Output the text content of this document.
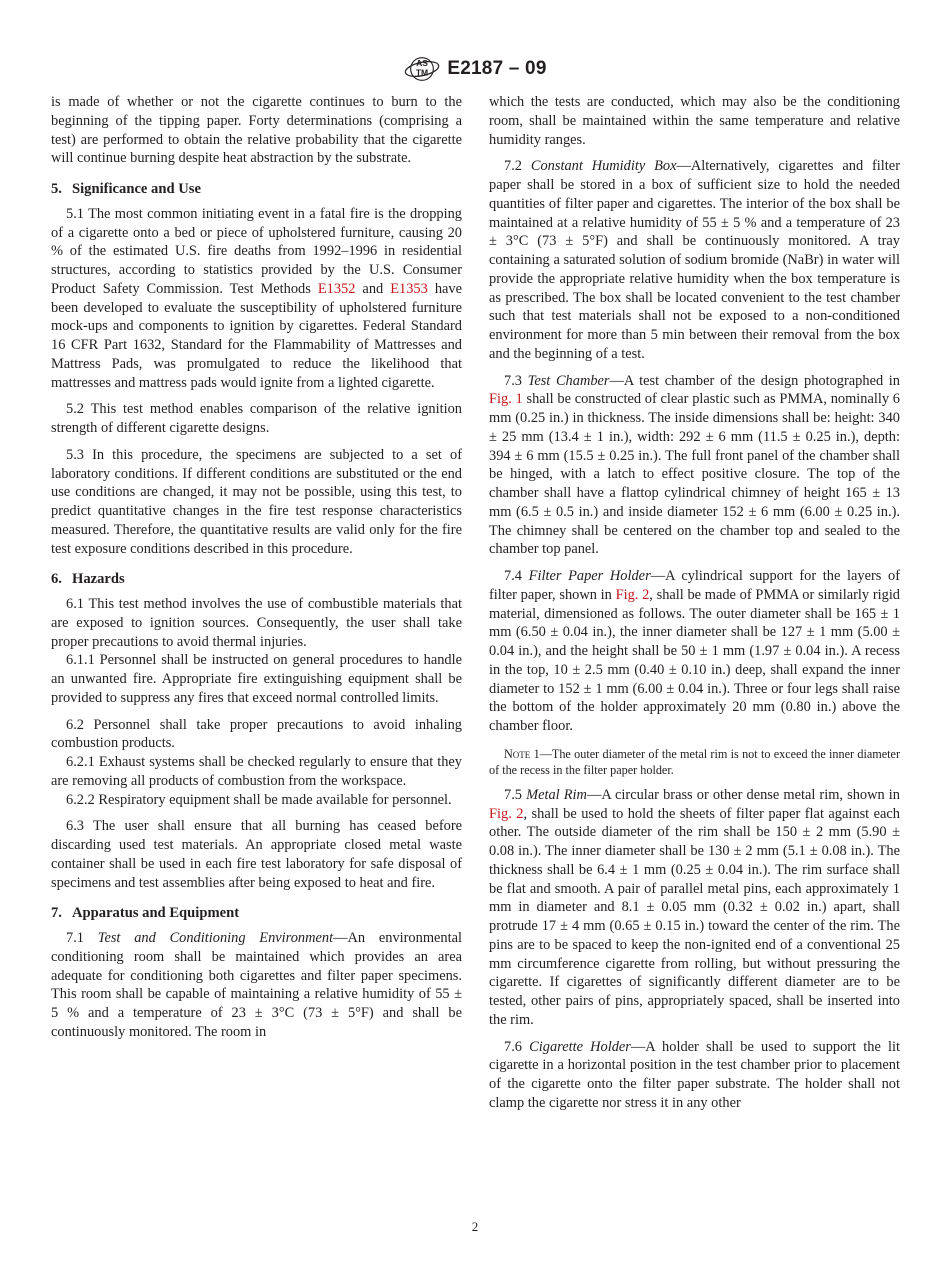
AS
TM E2187 – 09

is made of whether or not the cigarette continues to burn to the beginning of the tipping paper. Forty determinations (comprising a test) are performed to obtain the relative probability that the cigarette will continue burning despite heat abstraction by the substrate.

5. Significance and Use

5.1 The most common initiating event in a fatal fire is the dropping of a cigarette onto a bed or piece of upholstered furniture, causing 20 % of the estimated U.S. fire deaths from 1992–1996 in residential structures, according to statistics provided by the U.S. Consumer Product Safety Commission. Test Methods E1352 and E1353 have been developed to evaluate the susceptibility of upholstered furniture mock-ups and components to ignition by cigarettes. Federal Standard 16 CFR Part 1632, Standard for the Flammability of Mattresses and Mattress Pads, was promulgated to reduce the likelihood that mattresses and mattress pads would ignite from a lighted cigarette.

5.2 This test method enables comparison of the relative ignition strength of different cigarette designs.

5.3 In this procedure, the specimens are subjected to a set of laboratory conditions. If different conditions are substituted or the end use conditions are changed, it may not be possible, using this test, to predict quantitative changes in the fire test response characteristics measured. Therefore, the quantitative results are valid only for the fire test exposure conditions described in this procedure.

6. Hazards

6.1 This test method involves the use of combustible materials that are exposed to ignition sources. Consequently, the user shall take proper precautions to avoid thermal injuries.

6.1.1 Personnel shall be instructed on general procedures to handle an unwanted fire. Appropriate fire extinguishing equipment shall be provided to suppress any fires that exceed normal controlled limits.

6.2 Personnel shall take proper precautions to avoid inhaling combustion products.

6.2.1 Exhaust systems shall be checked regularly to ensure that they are removing all products of combustion from the workspace.

6.2.2 Respiratory equipment shall be made available for personnel.

6.3 The user shall ensure that all burning has ceased before discarding used test materials. An appropriate closed metal waste container shall be used in each fire test laboratory for safe disposal of specimens and test assemblies after being exposed to heat and fire.

7. Apparatus and Equipment

7.1 Test and Conditioning Environment—An environmental conditioning room shall be maintained which provides an area adequate for conditioning both cigarettes and filter paper specimens. This room shall be capable of maintaining a relative humidity of 55 ± 5 % and a temperature of 23 ± 3°C (73 ± 5°F) and shall be continuously monitored. The room in

which the tests are conducted, which may also be the conditioning room, shall be maintained within the same temperature and relative humidity ranges.

7.2 Constant Humidity Box—Alternatively, cigarettes and filter paper shall be stored in a box of sufficient size to hold the needed quantities of filter paper and cigarettes. The interior of the box shall be maintained at a relative humidity of 55 ± 5 % and a temperature of 23 ± 3°C (73 ± 5°F) and shall be continuously monitored. A tray containing a saturated solution of sodium bromide (NaBr) in water will provide the appropriate relative humidity when the box temperature is as prescribed. The box shall be located convenient to the test chamber such that test materials shall not be exposed to a non-conditioned environment for more than 5 min between their removal from the box and the beginning of a test.

7.3 Test Chamber—A test chamber of the design photographed in Fig. 1 shall be constructed of clear plastic such as PMMA, nominally 6 mm (0.25 in.) in thickness. The inside dimensions shall be: height: 340 ± 25 mm (13.4 ± 1 in.), width: 292 ± 6 mm (11.5 ± 0.25 in.), depth: 394 ± 6 mm (15.5 ± 0.25 in.). The full front panel of the chamber shall be hinged, with a latch to effect positive closure. The top of the chamber shall have a flattop cylindrical chimney of height 165 ± 13 mm (6.5 ± 0.5 in.) and inside diameter 152 ± 6 mm (6.00 ± 0.25 in.). The chimney shall be centered on the chamber top and sealed to the chamber top panel.

7.4 Filter Paper Holder—A cylindrical support for the layers of filter paper, shown in Fig. 2, shall be made of PMMA or similarly rigid material, dimensioned as follows. The outer diameter shall be 165 ± 1 mm (6.50 ± 0.04 in.), the inner diameter shall be 127 ± 1 mm (5.00 ± 0.04 in.), and the height shall be 50 ± 1 mm (1.97 ± 0.04 in.). A recess in the top, 10 ± 2.5 mm (0.40 ± 0.10 in.) deep, shall expand the inner diameter to 152 ± 1 mm (6.00 ± 0.04 in.). Three or four legs shall raise the bottom of the holder approximately 20 mm (0.80 in.) above the chamber floor.

Note 1—The outer diameter of the metal rim is not to exceed the inner diameter of the recess in the filter paper holder.

7.5 Metal Rim—A circular brass or other dense metal rim, shown in Fig. 2, shall be used to hold the sheets of filter paper flat against each other. The outside diameter of the rim shall be 150 ± 2 mm (5.90 ± 0.08 in.). The inner diameter shall be 130 ± 2 mm (5.1 ± 0.08 in.). The thickness shall be 6.4 ± 1 mm (0.25 ± 0.04 in.). The rim surface shall be flat and smooth. A pair of parallel metal pins, each approximately 1 mm in diameter and 8.1 ± 0.05 mm (0.32 ± 0.02 in.) apart, shall protrude 17 ± 4 mm (0.65 ± 0.15 in.) toward the center of the rim. The pins are to be spaced to keep the non-ignited end of a conventional 25 mm circumference cigarette from rolling, but without pressuring the cigarette. If cigarettes of significantly different diameter are to be tested, other pairs of pins, appropriately spaced, shall be inserted into the rim.

7.6 Cigarette Holder—A holder shall be used to support the lit cigarette in a horizontal position in the test chamber prior to placement of the cigarette onto the filter paper substrate. The holder shall not clamp the cigarette nor stress it in any other

2
